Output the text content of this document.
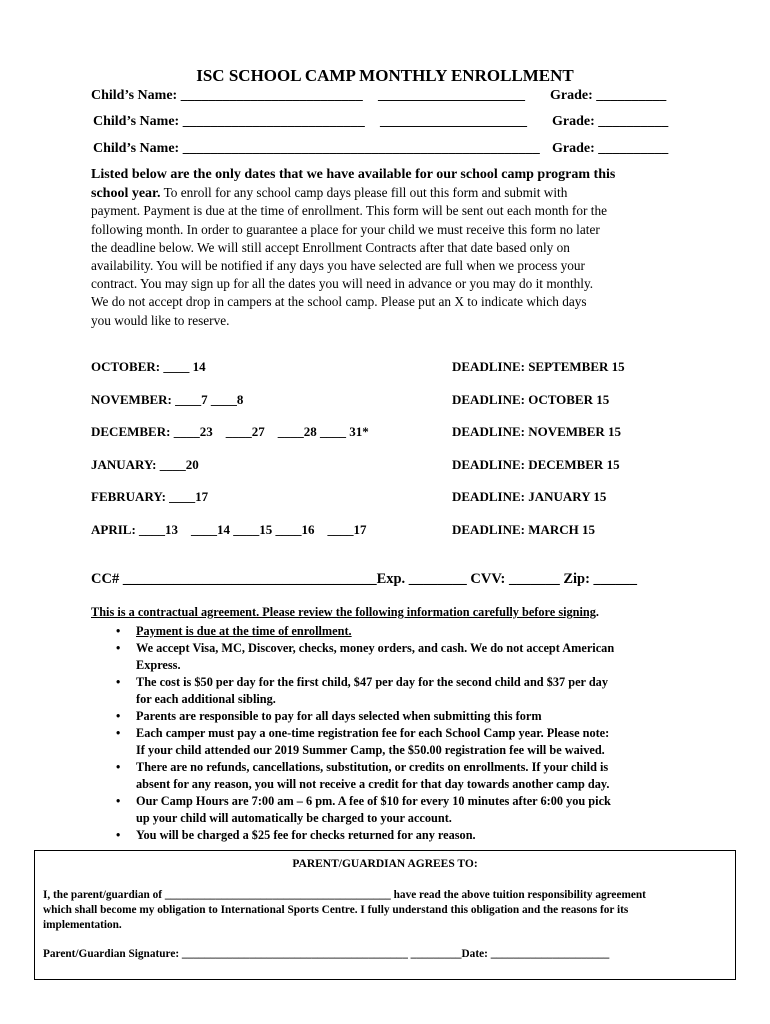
ISC SCHOOL CAMP MONTHLY ENROLLMENT
Child’s Name: __________________________ _____________________ Grade: __________
Child’s Name: __________________________ _____________________ Grade: __________
Child’s Name: ___________________________________________________ Grade: __________
Listed below are the only dates that we have available for our school camp program this
school year. To enroll for any school camp days please fill out this form and submit with
payment. Payment is due at the time of enrollment. This form will be sent out each month for the
following month. In order to guarantee a place for your child we must receive this form no later
the deadline below. We will still accept Enrollment Contracts after that date based only on
availability. You will be notified if any days you have selected are full when we process your
contract. You may sign up for all the dates you will need in advance or you may do it monthly.
We do not accept drop in campers at the school camp. Please put an X to indicate which days
you would like to reserve.
OCTOBER: ____ 14	DEADLINE: SEPTEMBER 15
NOVEMBER: ____7 ____8	DEADLINE: OCTOBER 15
DECEMBER: ____23    ____27    ____28 ____ 31*	DEADLINE: NOVEMBER 15
JANUARY: ____20	DEADLINE: DECEMBER 15
FEBRUARY: ____17	DEADLINE: JANUARY 15
APRIL: ____13    ____14 ____15 ____16    ____17	DEADLINE: MARCH 15
CC# ___________________________________Exp. ________ CVV: _______ Zip: ______
This is a contractual agreement. Please review the following information carefully before signing.
• Payment is due at the time of enrollment.
• We accept Visa, MC, Discover, checks, money orders, and cash. We do not accept American
Express.
• The cost is $50 per day for the first child, $47 per day for the second child and $37 per day
for each additional sibling.
• Parents are responsible to pay for all days selected when submitting this form
• Each camper must pay a one-time registration fee for each School Camp year. Please note:
If your child attended our 2019 Summer Camp, the $50.00 registration fee will be waived.
• There are no refunds, cancellations, substitution, or credits on enrollments. If your child is
absent for any reason, you will not receive a credit for that day towards another camp day.
• Our Camp Hours are 7:00 am – 6 pm. A fee of $10 for every 10 minutes after 6:00 you pick
up your child will automatically be charged to your account.
• You will be charged a $25 fee for checks returned for any reason.
PARENT/GUARDIAN AGREES TO:
I, the parent/guardian of ________________________________________ have read the above tuition responsibility agreement
which shall become my obligation to International Sports Centre. I fully understand this obligation and the reasons for its
implementation.
Parent/Guardian Signature: ________________________________________ _________Date: _____________________
